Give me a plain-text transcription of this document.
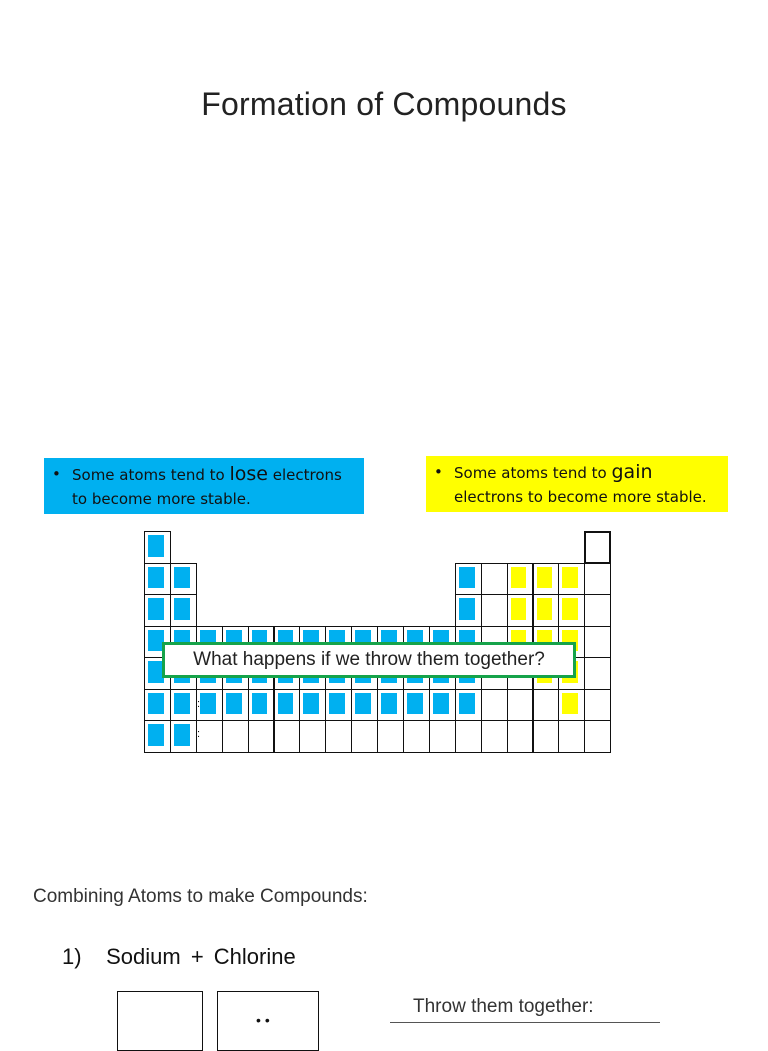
Formation of Compounds
• Some atoms tend to lose electrons to become more stable.
• Some atoms tend to gain electrons to become more stable.
:
:
What happens if we throw them together?
Combining Atoms to make Compounds:
1) Sodium + Chlorine
••
Throw them together:
